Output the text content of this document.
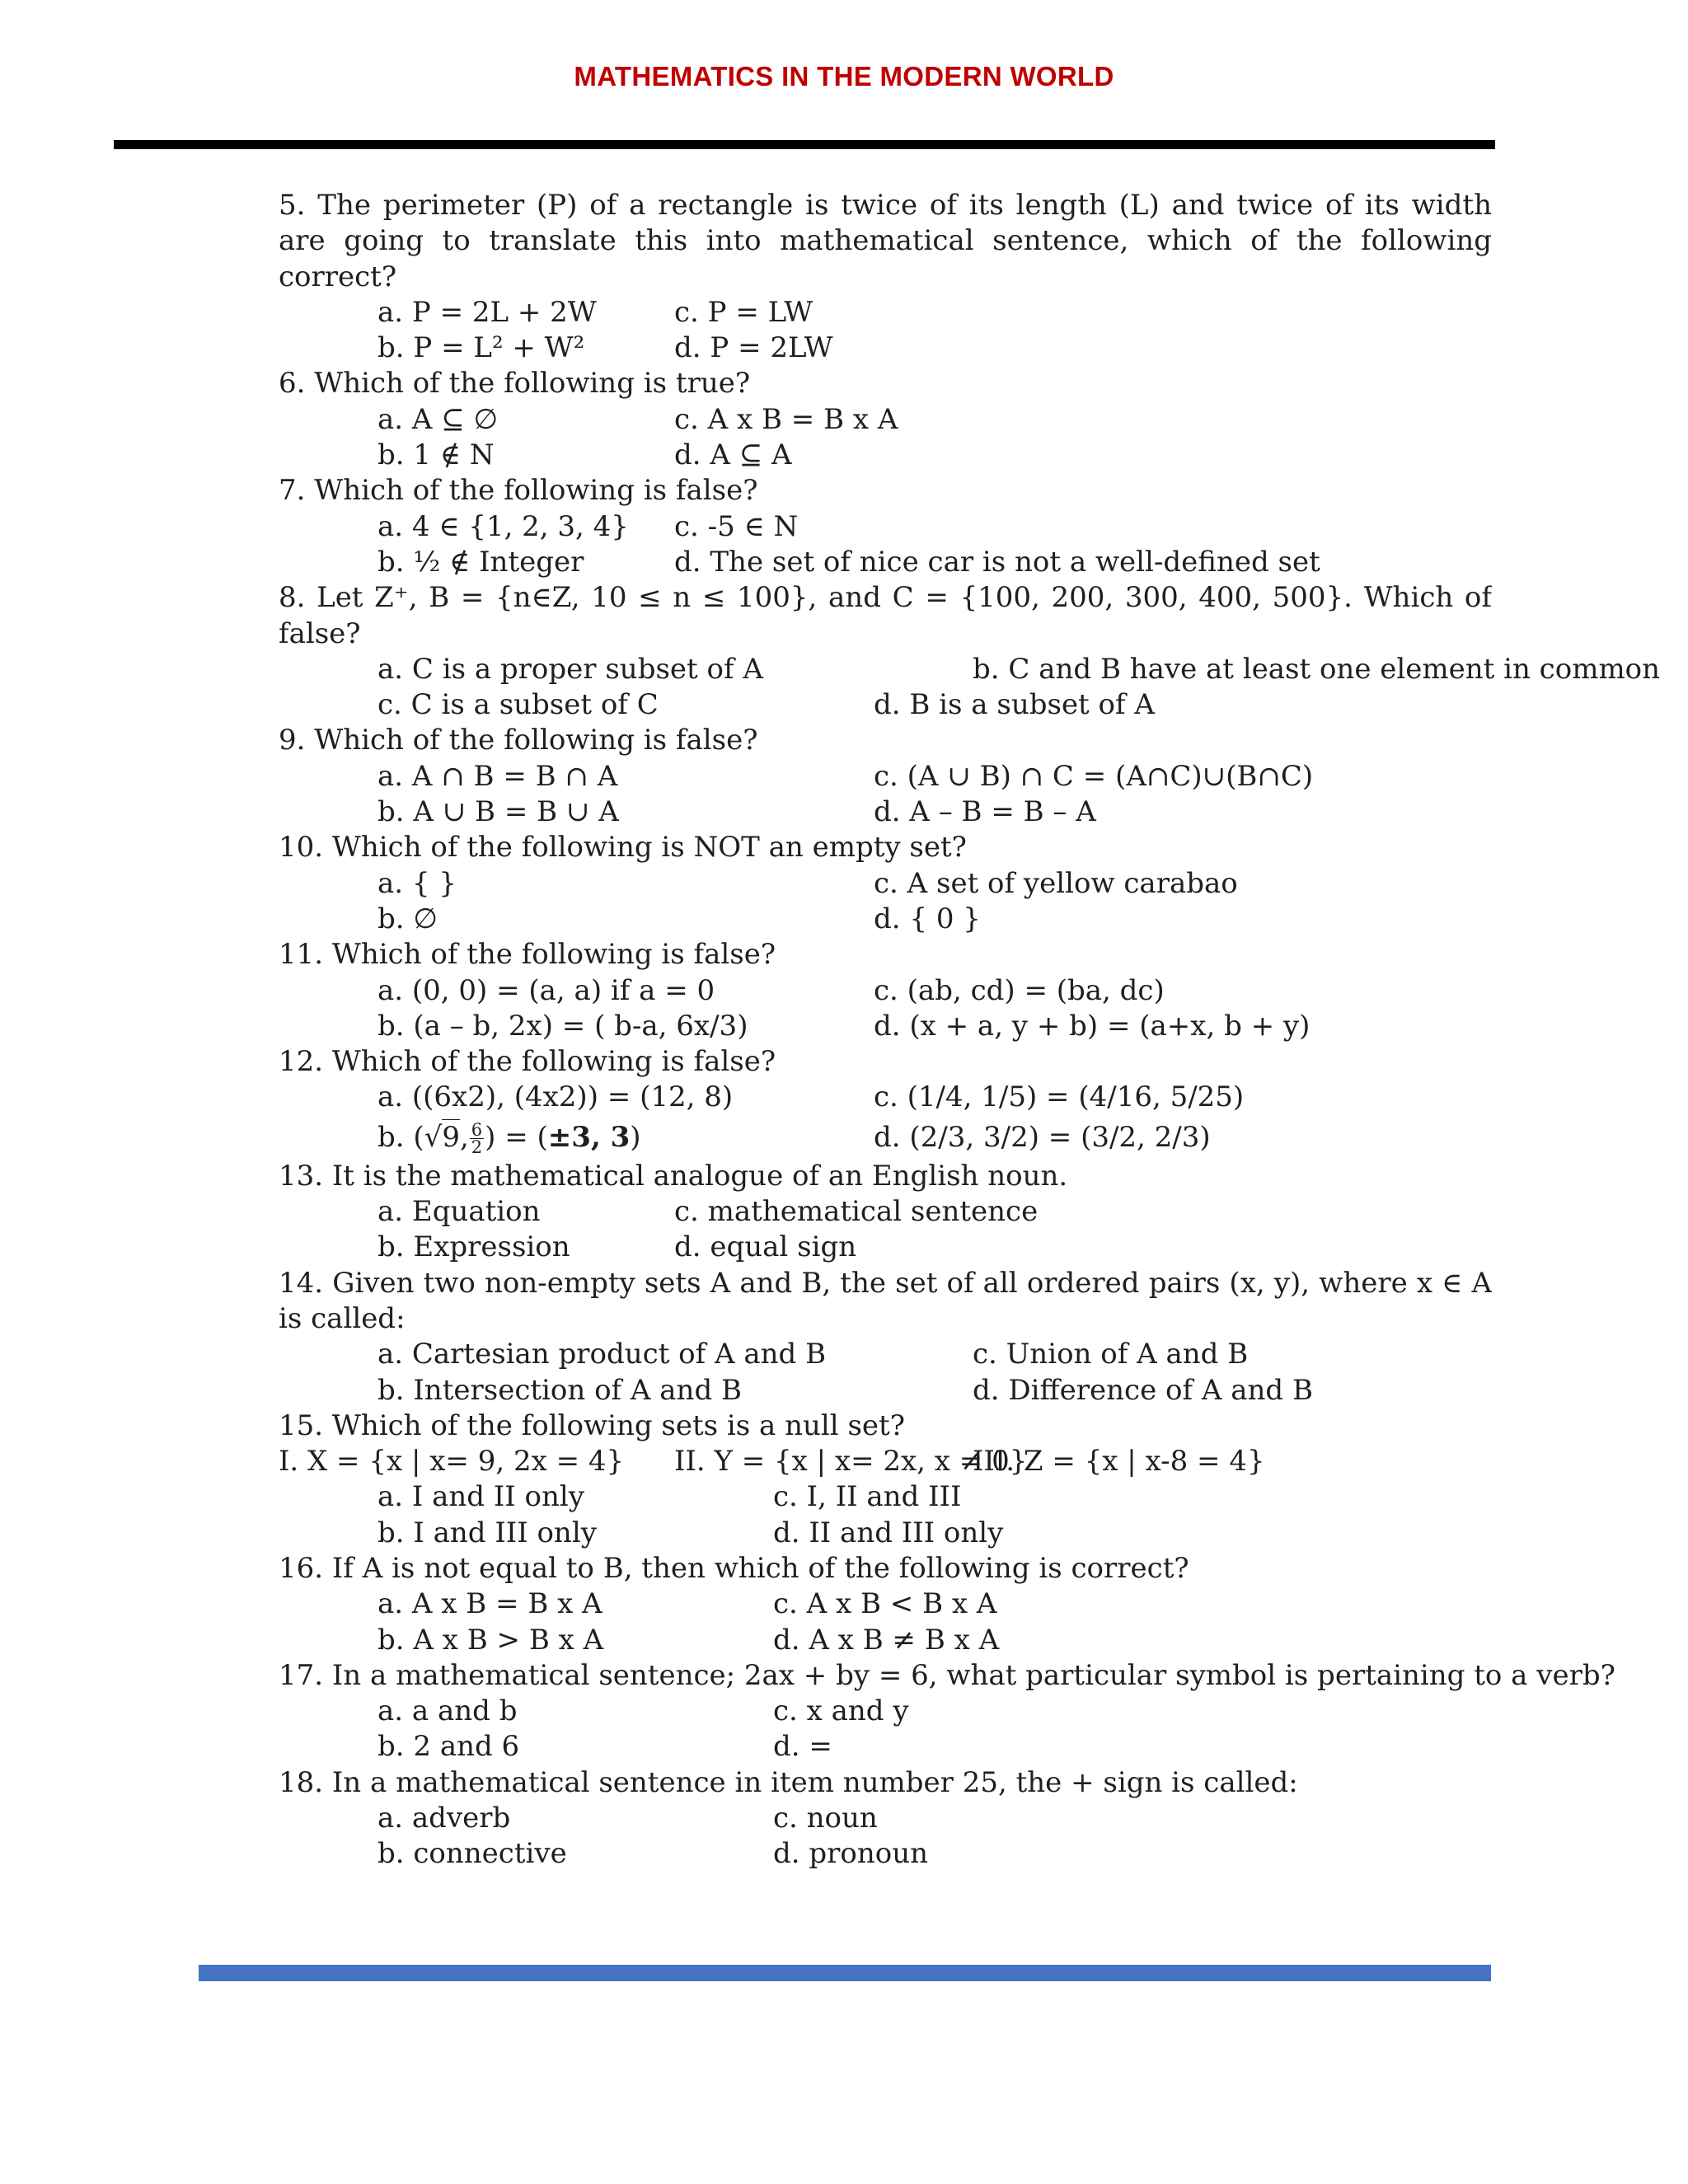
MATHEMATICS IN THE MODERN WORLD
5. The perimeter (P) of a rectangle is twice of its length (L) and twice of its width
are going to translate this into mathematical sentence, which of the following
correct?
a. P = 2L + 2W	c. P = LW
b. P = L² + W²	d. P = 2LW
6. Which of the following is true?
a. A ⊆ ∅	c. A x B = B x A
b. 1 ∉ N	d. A ⊆ A
7. Which of the following is false?
a. 4 ∈ {1, 2, 3, 4} c. -5 ∈ N
b. ½ ∉ Integer	d. The set of nice car is not a well-defined set
8. Let Z⁺, B = {n∈Z, 10 ≤ n ≤ 100}, and C = {100, 200, 300, 400, 500}. Which of
false?
a. C is a proper subset of A	b. C and B have at least one element in common
c. C is a subset of C	d. B is a subset of A
9. Which of the following is false?
a. A ∩ B = B ∩ A	c. (A ∪ B) ∩ C = (A∩C)∪(B∩C)
b. A ∪ B = B ∪ A	d. A – B = B – A
10. Which of the following is NOT an empty set?
a. { }	c. A set of yellow carabao
b. ∅	d. { 0 }
11. Which of the following is false?
a. (0, 0) = (a, a) if a = 0	c. (ab, cd) = (ba, dc)
b. (a – b, 2x) = ( b-a, 6x/3)	d. (x + a, y + b) = (a+x, b + y)
12. Which of the following is false?
a. ((6x2), (4x2)) = (12, 8)	c. (1/4, 1/5) = (4/16, 5/25)
b. (√9, $\frac{6}{2}$ ) = (±3, 3)	d. (2/3, 3/2) = (3/2, 2/3)
13. It is the mathematical analogue of an English noun.
a. Equation	c. mathematical sentence
b. Expression	d. equal sign
14. Given two non-empty sets A and B, the set of all ordered pairs (x, y), where x ∈ A
is called:
a. Cartesian product of A and B	c. Union of A and B
b. Intersection of A and B	d. Difference of A and B
15. Which of the following sets is a null set?
I. X = {x | x= 9, 2x = 4} II. Y = {x | x= 2x, x ≠ 0}
III. Z = {x | x-8 = 4}
a. I and II only	c. I, II and III
b. I and III only	d. II and III only
16. If A is not equal to B, then which of the following is correct?
a. A x B = B x A	c. A x B < B x A
b. A x B > B x A	d. A x B ≠ B x A
17. In a mathematical sentence; 2ax + by = 6, what particular symbol is pertaining to a verb?
a. a and b	c. x and y
b. 2 and 6	d. =
18. In a mathematical sentence in item number 25, the + sign is called:
a. adverb	c. noun
b. connective	d. pronoun
